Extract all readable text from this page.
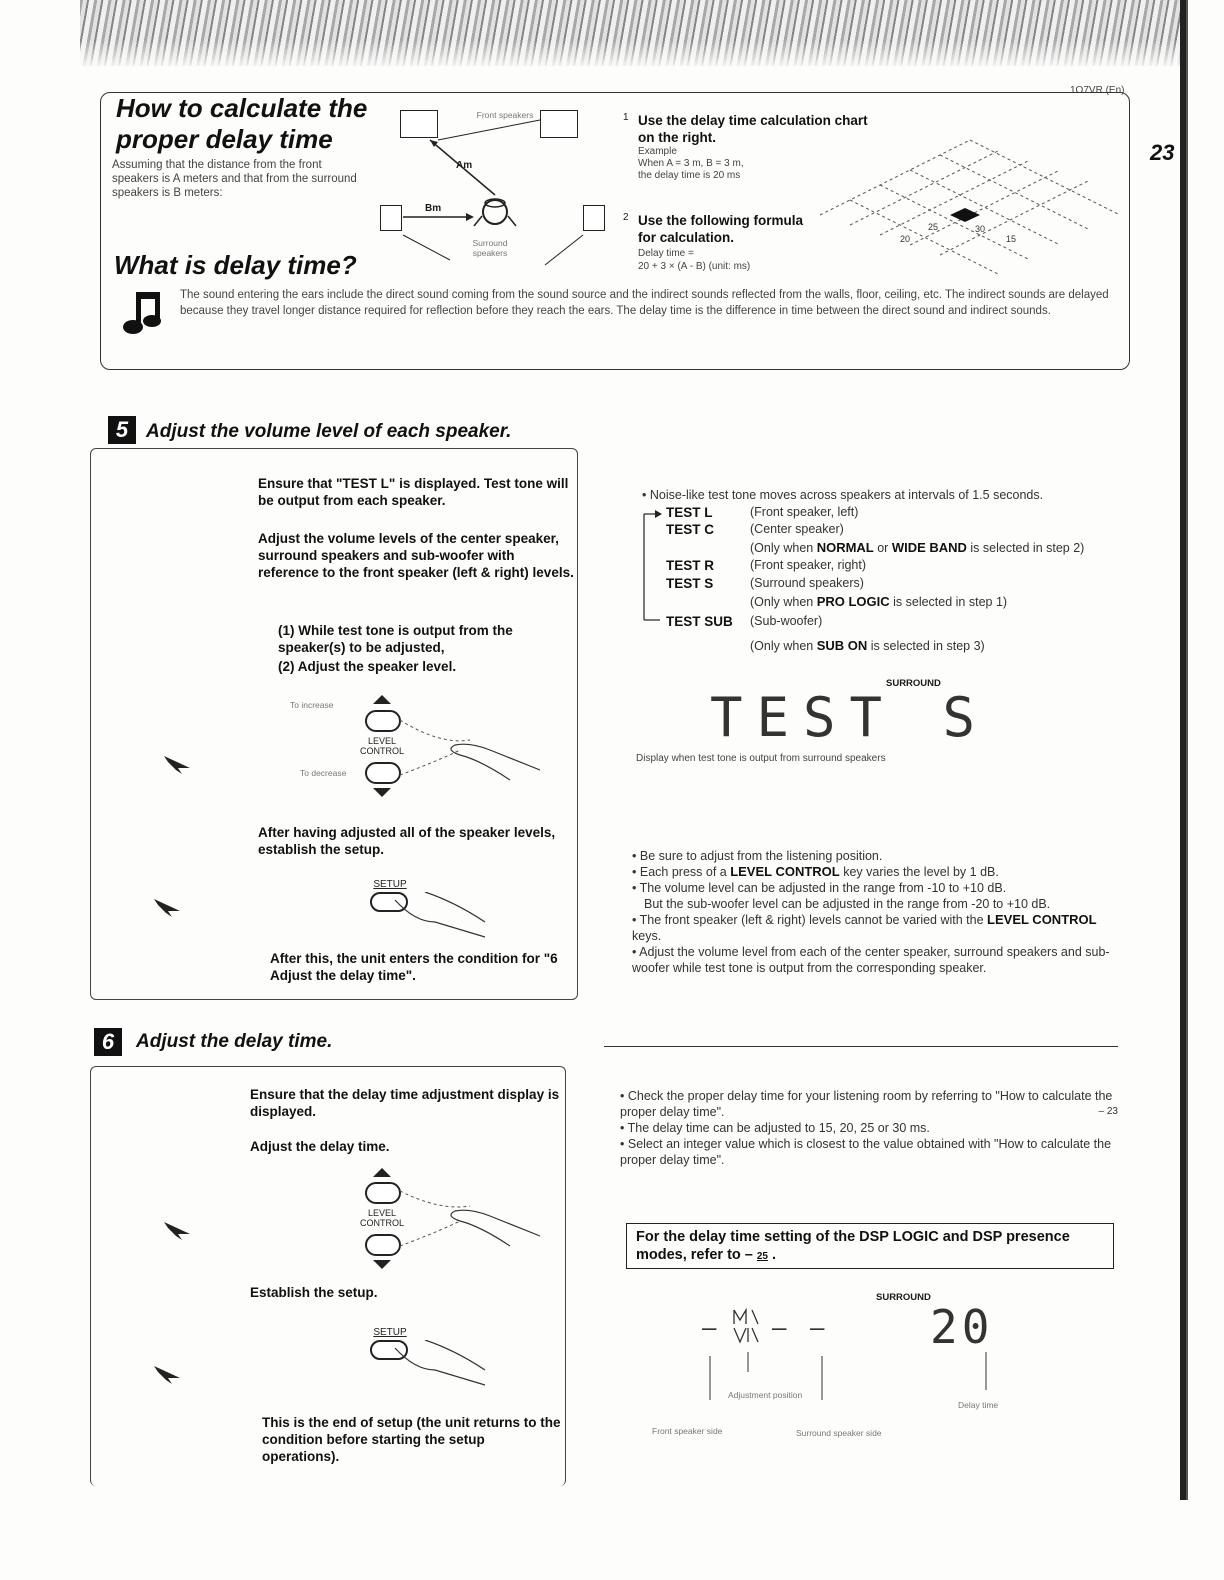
1O7VR (En)
23
How to calculate the proper delay time
Assuming that the distance from the front speakers is A meters and that from the surround speakers is B meters:
What is delay time?
Front speakers
Surround speakers
Am
Bm
1 Use the delay time calculation chart on the right.
Example
When A = 3 m, B = 3 m,
the delay time is 20 ms
2 Use the following formula for calculation.
Delay time =
20 + 3 × (A - B) (unit: ms)
20
25	30
15
The sound entering the ears include the direct sound coming from the sound source and the indirect sounds reflected from the walls, floor, ceiling, etc. The indirect sounds are delayed because they travel longer distance required for reflection before they reach the ears. The delay time is the difference in time between the direct sound and indirect sounds.
5 Adjust the volume level of each speaker.
Ensure that "TEST L" is displayed. Test tone will be output from each speaker.
Adjust the volume levels of the center speaker, surround speakers and sub-woofer with reference to the front speaker (left & right) levels.
(1) While test tone is output from the speaker(s) to be adjusted,
(2) Adjust the speaker level.
To increase
To decrease
LEVEL CONTROL
After having adjusted all of the speaker levels, establish the setup.
SETUP
After this, the unit enters the condition for "6 Adjust the delay time".
• Noise-like test tone moves across speakers at intervals of 1.5 seconds.
TEST L	(Front speaker, left)
TEST C	(Center speaker)
(Only when NORMAL or WIDE BAND is selected in step 2)
TEST R	(Front speaker, right)
TEST S	(Surround speakers)
(Only when PRO LOGIC is selected in step 1)
TEST SUB	(Sub-woofer)
(Only when SUB ON is selected in step 3)
SURROUND
TEST S
Display when test tone is output from surround speakers
• Be sure to adjust from the listening position.
• Each press of a LEVEL CONTROL key varies the level by 1 dB.
• The volume level can be adjusted in the range from -10 to +10 dB.
But the sub-woofer level can be adjusted in the range from -20 to +10 dB.
• The front speaker (left & right) levels cannot be varied with the LEVEL CONTROL keys.
• Adjust the volume level from each of the center speaker, surround speakers and sub-woofer while test tone is output from the corresponding speaker.
6	Adjust the delay time.
Ensure that the delay time adjustment display is displayed.
Adjust the delay time.
LEVEL CONTROL
Establish the setup.
SETUP
This is the end of setup (the unit returns to the condition before starting the setup operations).
• Check the proper delay time for your listening room by referring to "How to calculate the proper delay time".	– 23
• The delay time can be adjusted to 15, 20, 25 or 30 ms.
• Select an integer value which is closest to the value obtained with "How to calculate the proper delay time".
For the delay time setting of the DSP LOGIC and DSP presence modes, refer to – 25 .
SURROUND
– – – 20
Adjustment position
Delay time
Front speaker side	Surround speaker side
